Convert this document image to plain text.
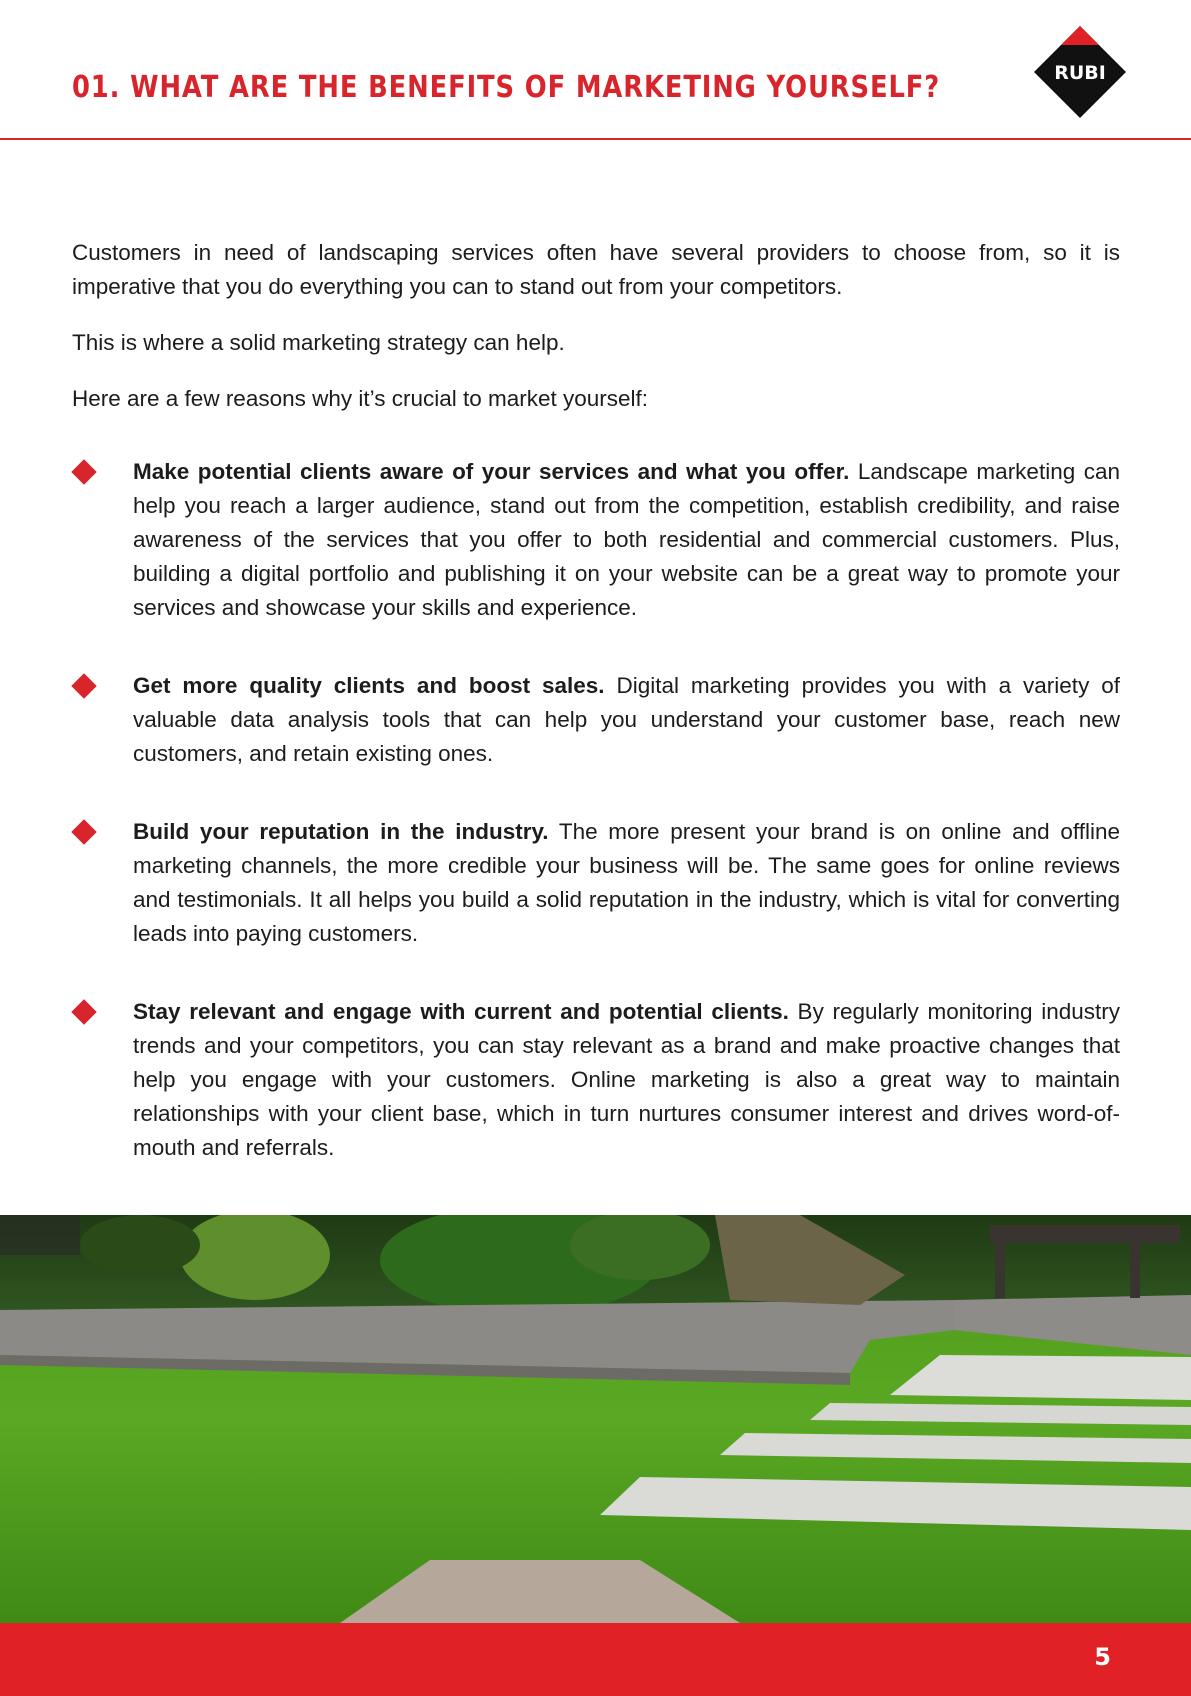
01. WHAT ARE THE BENEFITS OF MARKETING YOURSELF?	RUBI

Customers in need of landscaping services often have several providers to choose from, so it is imperative that you do everything you can to stand out from your competitors.

This is where a solid marketing strategy can help.

Here are a few reasons why it’s crucial to market yourself:

Make potential clients aware of your services and what you offer. Landscape marketing can help you reach a larger audience, stand out from the competition, establish credibility, and raise awareness of the services that you offer to both residential and commercial customers. Plus, building a digital portfolio and publishing it on your website can be a great way to promote your services and showcase your skills and experience.
Get more quality clients and boost sales. Digital marketing provides you with a variety of valuable data analysis tools that can help you understand your customer base, reach new customers, and retain existing ones.
Build your reputation in the industry. The more present your brand is on online and offline marketing channels, the more credible your business will be. The same goes for online reviews and testimonials. It all helps you build a solid reputation in the industry, which is vital for converting leads into paying customers.
Stay relevant and engage with current and potential clients. By regularly monitoring industry trends and your competitors, you can stay relevant as a brand and make proactive changes that help you engage with your customers. Online marketing is also a great way to maintain relationships with your client base, which in turn nurtures consumer interest and drives word-of-mouth and referrals.
5
